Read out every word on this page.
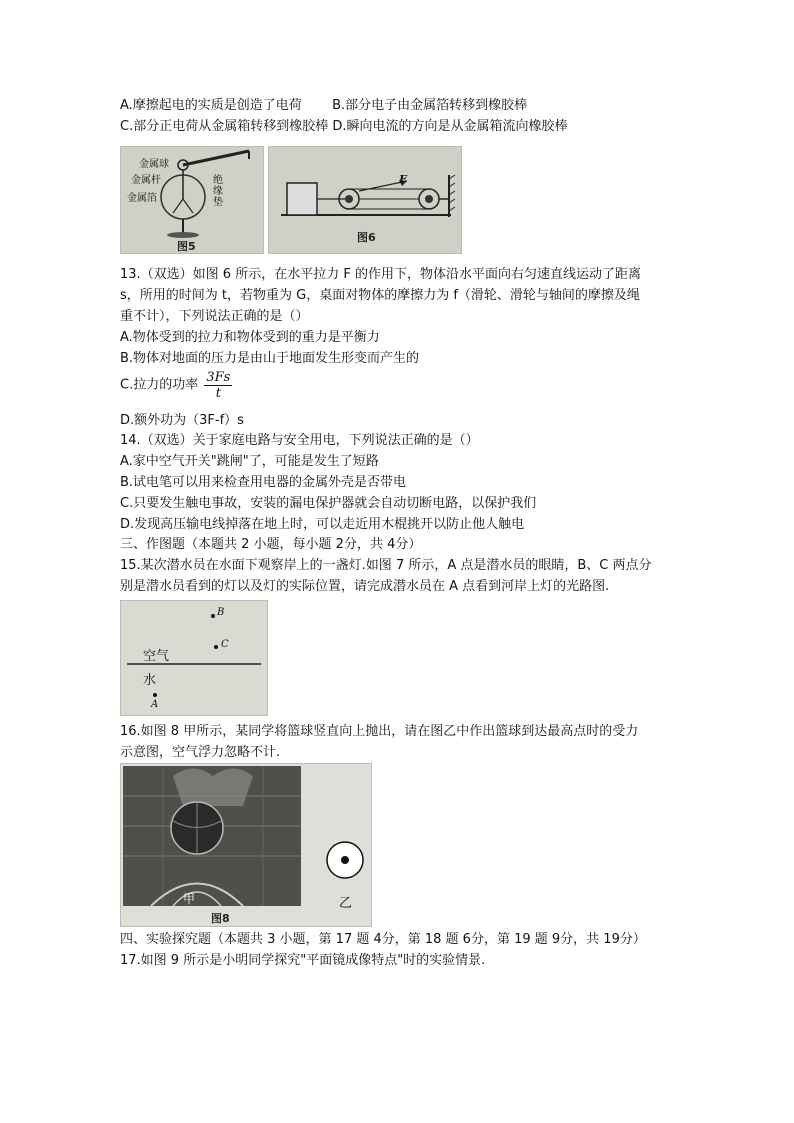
A.摩擦起电的实质是创造了电荷 B.部分电子由金属箔转移到橡胶棒
C.部分正电荷从金属箱转移到橡胶棒 D.瞬向电流的方向是从金属箱流向橡胶棒
金属球
金属杆
金属箔
绝缘垫
图5
F
图6
13.（双选）如图 6 所示，在水平拉力 F 的作用下，物体沿水平面向右匀速直线运动了距离
s，所用的时间为 t，若物重为 G，桌面对物体的摩擦力为 f（滑轮、滑轮与轴间的摩擦及绳
重不计），下列说法正确的是（）
A.物体受到的拉力和物体受到的重力是平衡力
B.物体对地面的压力是由山于地面发生形变而产生的
C.拉力的功率 $\frac{3Fs}{t}$
D.额外功为（3F-f）s
14.（双选）关于家庭电路与安全用电，下列说法正确的是（）
A.家中空气开关"跳闸"了，可能是发生了短路
B.试电笔可以用来检查用电器的金属外壳是否带电
C.只要发生触电事故，安装的漏电保护器就会自动切断电路，以保护我们
D.发现高压输电线掉落在地上时，可以走近用木棍挑开以防止他人触电
三、作图题（本题共 2 小题，每小题 2分，共 4分）
15.某次潜水员在水面下观察岸上的一盏灯.如图 7 所示，A 点是潜水员的眼睛，B、C 两点分
别是潜水员看到的灯以及灯的实际位置，请完成潜水员在 A 点看到河岸上灯的光路图.
B
C
空气
水
A
16.如图 8 甲所示，某同学将篮球竖直向上抛出，请在图乙中作出篮球到达最高点时的受力
示意图，空气浮力忽略不计.
甲	乙
图8
四、实验探究题（本题共 3 小题，第 17 题 4分，第 18 题 6分，第 19 题 9分，共 19分）
17.如图 9 所示是小明同学探究"平面镜成像特点"时的实验情景.
